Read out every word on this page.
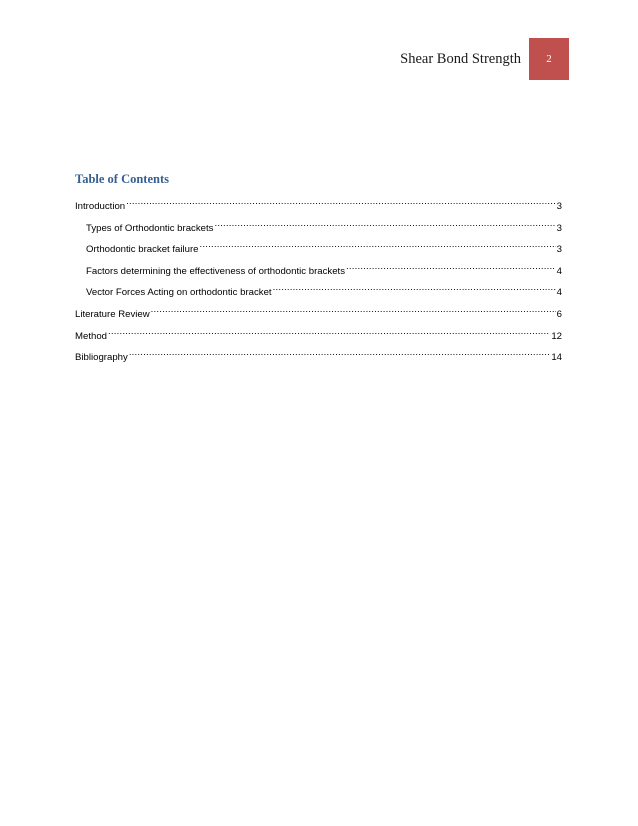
Shear Bond Strength 2
Table of Contents
Introduction .....	3
Types of Orthodontic brackets .....	3
Orthodontic bracket failure .....	3
Factors determining the effectiveness of orthodontic brackets .....	4
Vector Forces Acting on orthodontic bracket .....	4
Literature Review .....	6
Method .....	12
Bibliography .....	14
